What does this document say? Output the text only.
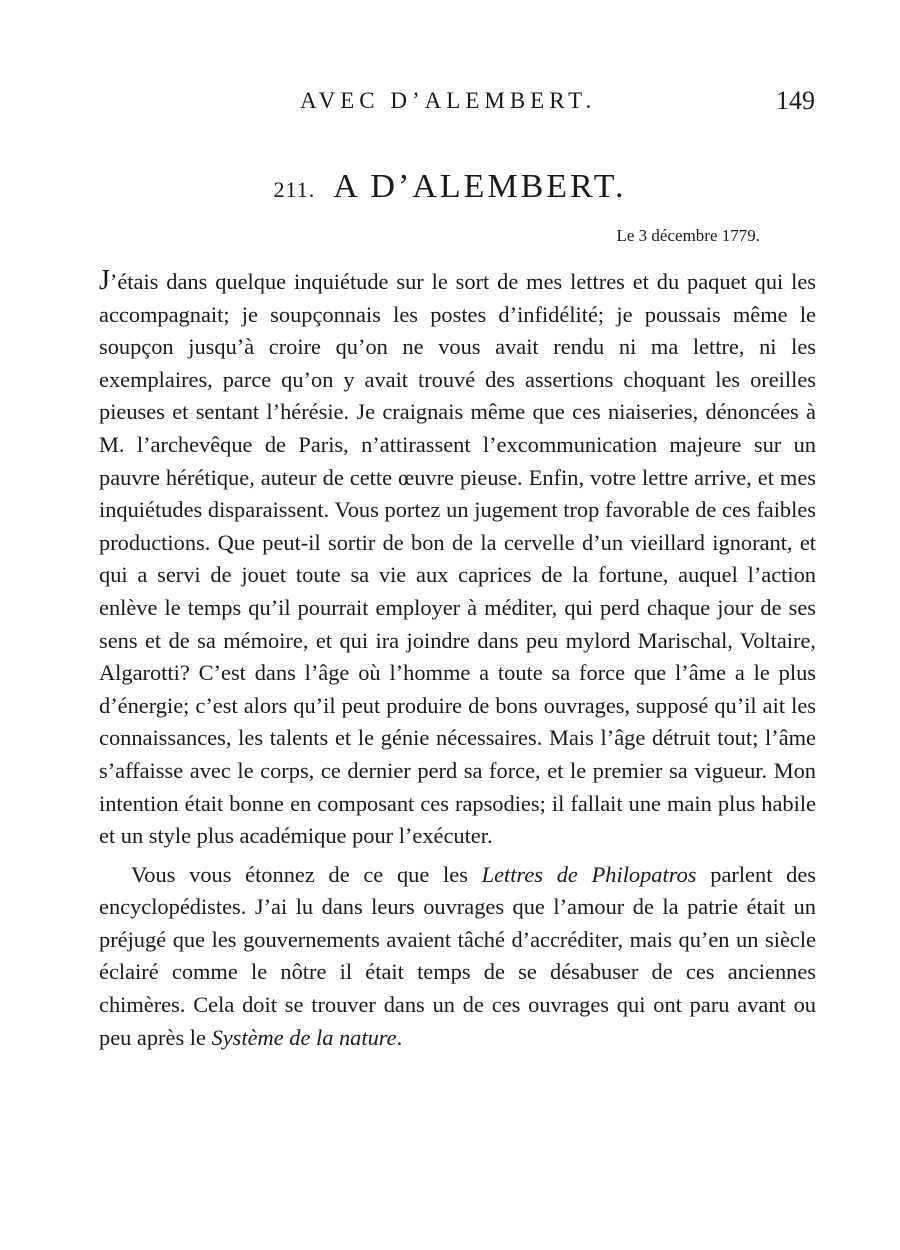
AVEC D’ALEMBERT.	149
211. A D’ALEMBERT.
Le 3 décembre 1779.

J’étais dans quelque inquiétude sur le sort de mes lettres et du paquet qui les accompagnait; je soupçonnais les postes d’infidélité; je poussais même le soupçon jusqu’à croire qu’on ne vous avait rendu ni ma lettre, ni les exemplaires, parce qu’on y avait trouvé des assertions choquant les oreilles pieuses et sentant l’hérésie. Je craignais même que ces niaiseries, dénoncées à M. l’archevêque de Paris, n’attirassent l’excommunication majeure sur un pauvre hérétique, auteur de cette œuvre pieuse. Enfin, votre lettre arrive, et mes inquiétudes disparaissent. Vous portez un jugement trop favorable de ces faibles productions. Que peut-il sortir de bon de la cervelle d’un vieillard ignorant, et qui a servi de jouet toute sa vie aux caprices de la fortune, auquel l’action enlève le temps qu’il pourrait employer à méditer, qui perd chaque jour de ses sens et de sa mémoire, et qui ira joindre dans peu mylord Marischal, Voltaire, Algarotti? C’est dans l’âge où l’homme a toute sa force que l’âme a le plus d’énergie; c’est alors qu’il peut produire de bons ouvrages, supposé qu’il ait les connaissances, les talents et le génie nécessaires. Mais l’âge détruit tout; l’âme s’affaisse avec le corps, ce dernier perd sa force, et le premier sa vigueur. Mon intention était bonne en composant ces rapsodies; il fallait une main plus habile et un style plus académique pour l’exécuter.

Vous vous étonnez de ce que les Lettres de Philopatros parlent des encyclopédistes. J’ai lu dans leurs ouvrages que l’amour de la patrie était un préjugé que les gouvernements avaient tâché d’accréditer, mais qu’en un siècle éclairé comme le nôtre il était temps de se désabuser de ces anciennes chimères. Cela doit se trouver dans un de ces ouvrages qui ont paru avant ou peu après le Système de la nature.
